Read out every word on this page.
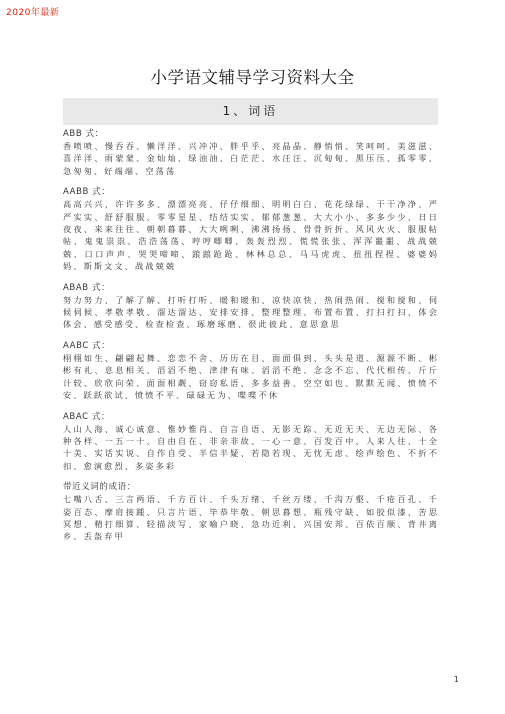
2020年最新
小学语文辅导学习资料大全
1、词语
ABB 式：

香喷喷、慢吞吞、懒洋洋、兴冲冲、胖乎乎、亮晶晶、静悄悄、笑呵呵、美滋滋、喜洋洋、雨蒙蒙、金灿灿、绿油油、白茫茫、水汪汪、沉甸甸、黑压压、孤零零、急匆匆、好端端、空荡荡

AABB 式：

高高兴兴、许许多多、漂漂亮亮、仔仔细细、明明白白、花花绿绿、干干净净、严严实实、舒舒服服、零零星星、结结实实、郁郁葱葱、大大小小、多多少少、日日夜夜、来来往往、朝朝暮暮、大大咧咧、沸沸扬扬、骨骨折折、风风火火、服服帖帖、鬼鬼祟祟、浩浩荡荡、哼哼唧唧、轰轰烈烈、慌慌张张、浑浑噩噩、战战兢兢、口口声声、哭哭啼啼、踉踉跄跄、林林总总、马马虎虎、扭扭捏捏、婆婆妈妈、斯斯文文、战战兢兢

ABAB 式：

努力努力、了解了解、打听打听、暖和暖和、凉快凉快、热闹热闹、搅和搅和、伺候伺候、孝敬孝敬、溜达溜达、安排安排、整理整理、布置布置、打扫打扫、体会体会、感受感受、检查检查、琢磨琢磨、很此彼此、意思意思

AABC 式：

栩栩如生、翩翩起舞、恋恋不舍、历历在目、面面俱到、头头是道、源源不断、彬彬有礼、息息相关、滔滔不绝、津津有味、滔滔不绝、念念不忘、代代相传、斤斤计较、欣欣向荣、面面相觑、窃窃私语、多多益善、空空如也、默默无闻、愤愤不安、跃跃欲试、愤愤不平、碌碌无为、喋喋不休

ABAC 式：

人山人海、诚心诚意、惟妙惟肖、自言自语、无影无踪、无近无天、无边无际、各种各样、一五一十、自由自在、非亲非故、一心一意、百发百中、人来人往、十全十美、实话实说、自作自受、半信半疑、若隐若现、无忧无虑、绘声绘色、不折不扣、愈演愈烈、多姿多彩

带近义词的成语：

七嘴八舌、三言两语、千方百计、千头万绪、千丝万缕、千沟万壑、千疮百孔、千姿百态、摩肩接踵、只言片语、毕恭毕敬、朝思暮想、瓶残守缺、如胶似漆、苦思冥想、精打细算、轻描淡写、家喻户晓、急功近利、兴国安邦、百依百顺、背井离乡、丢盔弃甲

1
